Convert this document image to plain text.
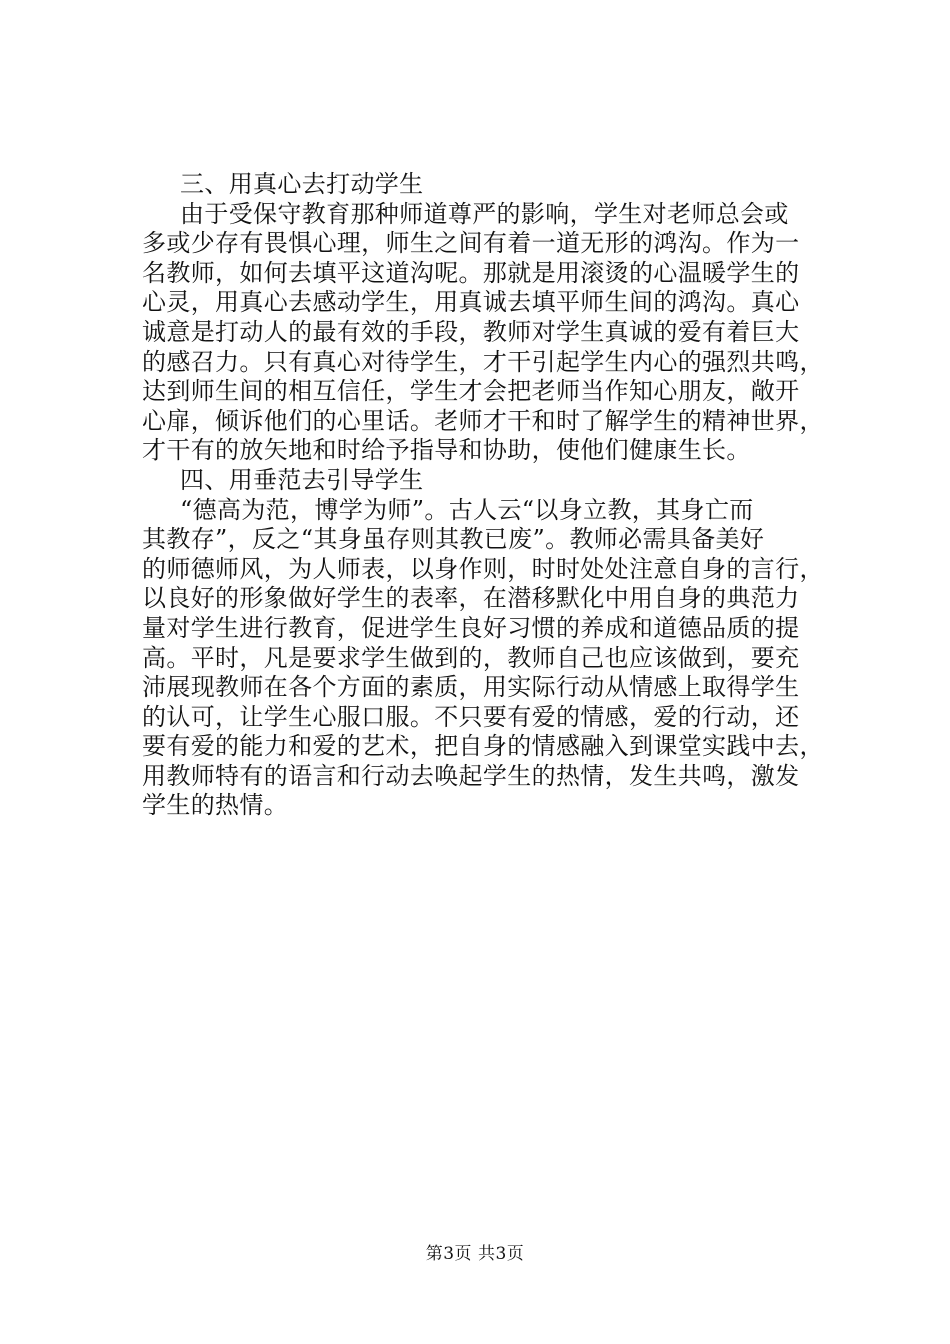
三、用真心去打动学生
由于受保守教育那种师道尊严的影响，学生对老师总会或
多或少存有畏惧心理，师生之间有着一道无形的鸿沟。作为一
名教师，如何去填平这道沟呢。那就是用滚烫的心温暖学生的
心灵，用真心去感动学生，用真诚去填平师生间的鸿沟。真心
诚意是打动人的最有效的手段，教师对学生真诚的爱有着巨大
的感召力。只有真心对待学生，才干引起学生内心的强烈共鸣，
达到师生间的相互信任，学生才会把老师当作知心朋友，敞开
心扉，倾诉他们的心里话。老师才干和时了解学生的精神世界，
才干有的放矢地和时给予指导和协助，使他们健康生长。
四、用垂范去引导学生
“德高为范，博学为师”。古人云“以身立教，其身亡而
其教存”，反之“其身虽存则其教已废”。教师必需具备美好
的师德师风，为人师表，以身作则，时时处处注意自身的言行，
以良好的形象做好学生的表率，在潜移默化中用自身的典范力
量对学生进行教育，促进学生良好习惯的养成和道德品质的提
高。平时，凡是要求学生做到的，教师自己也应该做到，要充
沛展现教师在各个方面的素质，用实际行动从情感上取得学生
的认可，让学生心服口服。不只要有爱的情感，爱的行动，还
要有爱的能力和爱的艺术，把自身的情感融入到课堂实践中去，
用教师特有的语言和行动去唤起学生的热情，发生共鸣，激发
学生的热情。
第3页 共3页
